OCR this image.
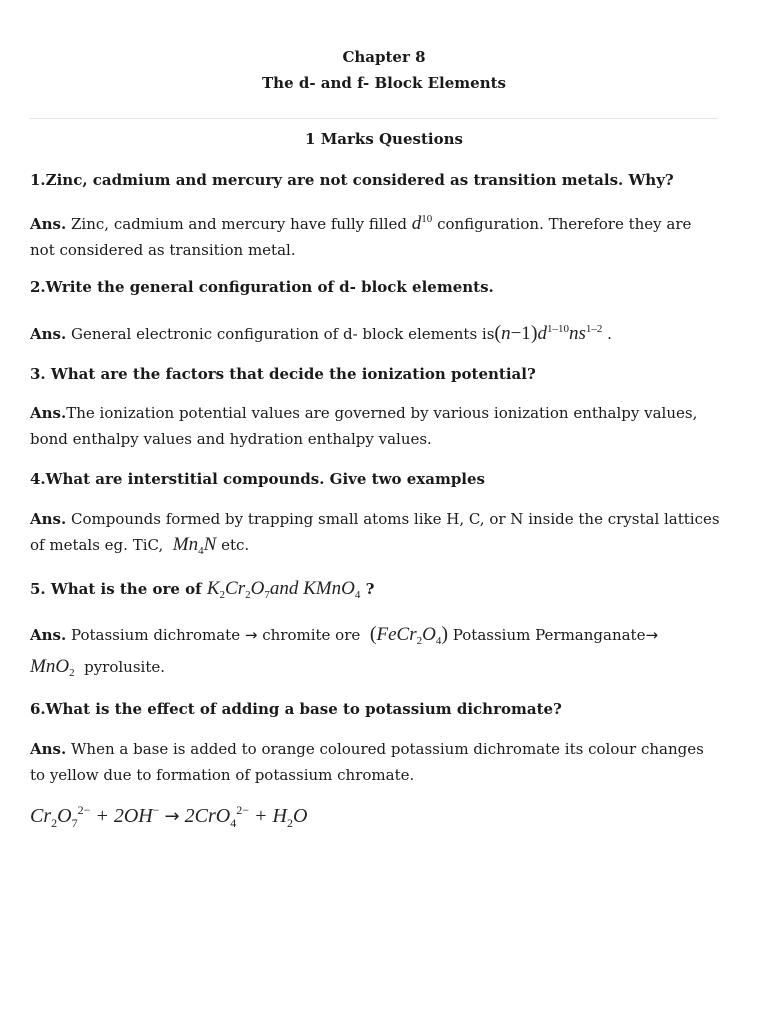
Chapter 8
The d- and f- Block Elements
1 Marks Questions
1.Zinc, cadmium and mercury are not considered as transition metals. Why?
Ans. Zinc, cadmium and mercury have fully filled $d^{10}$ configuration. Therefore they are not considered as transition metal.
2.Write the general configuration of d- block elements.
Ans. General electronic configuration of d- block elements $is(n-1)d^{1-10}ns^{1-2}$ .
3. What are the factors that decide the ionization potential?
Ans.The ionization potential values are governed by various ionization enthalpy values, bond enthalpy values and hydration enthalpy values.
4.What are interstitial compounds. Give two examples
Ans. Compounds formed by trapping small atoms like H, C, or N inside the crystal lattices of metals eg. TiC, $Mn_4N$ etc.
5. What is the ore of $K_2Cr_2O_7and$ KMnO$_4$ ?
Ans. Potassium dichromate → chromite ore $(FeCr_2O_4)$ Potassium Permanganate→
MnO$_2$ pyrolusite.
6.What is the effect of adding a base to potassium dichromate?
Ans. When a base is added to orange coloured potassium dichromate its colour changes to yellow due to formation of potassium chromate.
$Cr_2O_7^{2-} + 2OH^- \to 2CrO_4^{2-} + H_2O$
